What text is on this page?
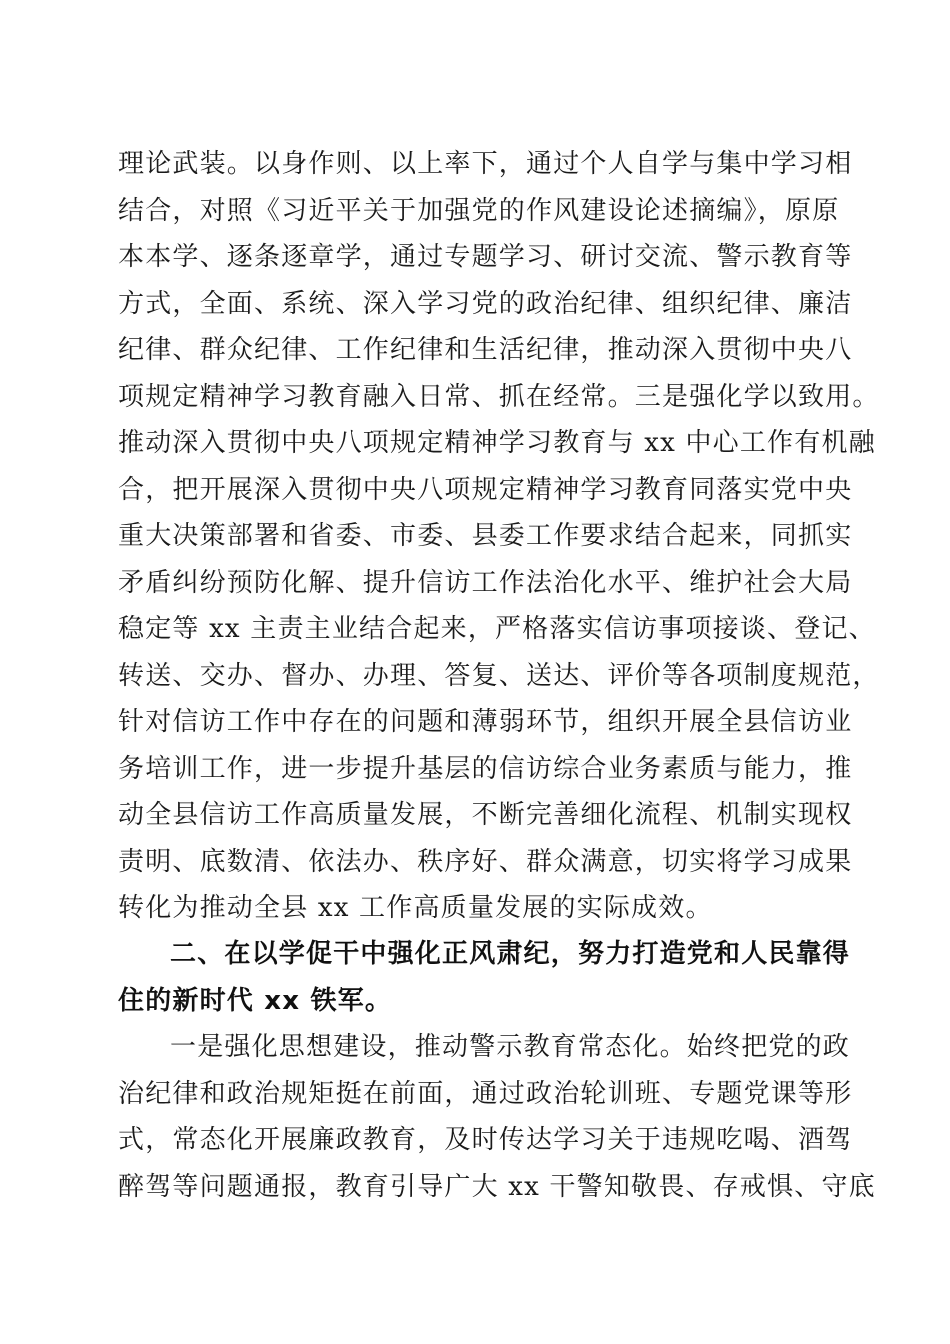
理论武装。以身作则、以上率下，通过个人自学与集中学习相
结合，对照《习近平关于加强党的作风建设论述摘编》，原原
本本学、逐条逐章学，通过专题学习、研讨交流、警示教育等
方式，全面、系统、深入学习党的政治纪律、组织纪律、廉洁
纪律、群众纪律、工作纪律和生活纪律，推动深入贯彻中央八
项规定精神学习教育融入日常、抓在经常。三是强化学以致用。
推动深入贯彻中央八项规定精神学习教育与 xx 中心工作有机融
合，把开展深入贯彻中央八项规定精神学习教育同落实党中央
重大决策部署和省委、市委、县委工作要求结合起来，同抓实
矛盾纠纷预防化解、提升信访工作法治化水平、维护社会大局
稳定等 xx 主责主业结合起来，严格落实信访事项接谈、登记、
转送、交办、督办、办理、答复、送达、评价等各项制度规范，
针对信访工作中存在的问题和薄弱环节，组织开展全县信访业
务培训工作，进一步提升基层的信访综合业务素质与能力，推
动全县信访工作高质量发展，不断完善细化流程、机制实现权
责明、底数清、依法办、秩序好、群众满意，切实将学习成果
转化为推动全县 xx 工作高质量发展的实际成效。
二、在以学促干中强化正风肃纪，努力打造党和人民靠得
住的新时代 xx 铁军。
一是强化思想建设，推动警示教育常态化。始终把党的政
治纪律和政治规矩挺在前面，通过政治轮训班、专题党课等形
式，常态化开展廉政教育，及时传达学习关于违规吃喝、酒驾
醉驾等问题通报，教育引导广大 xx 干警知敬畏、存戒惧、守底
